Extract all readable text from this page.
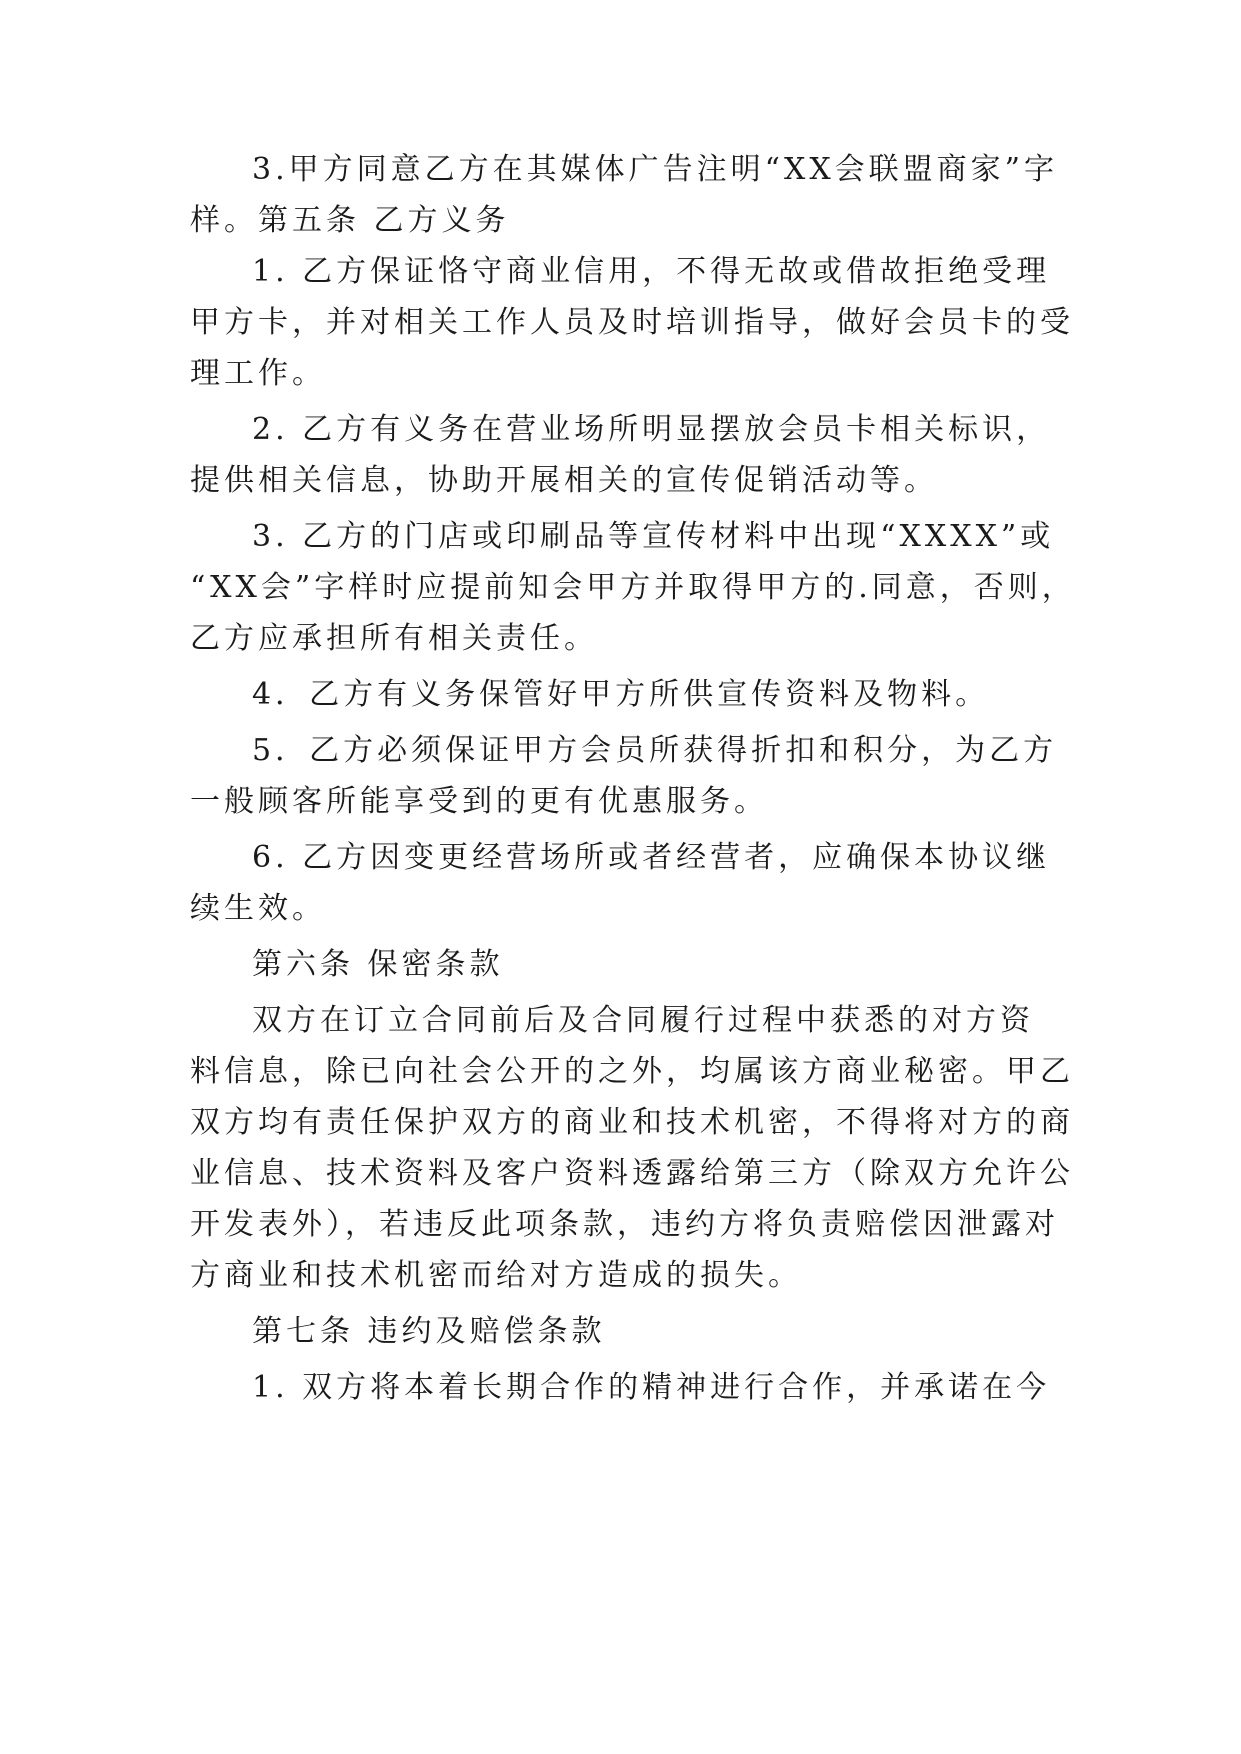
3.甲方同意乙方在其媒体广告注明“XX会联盟商家”字
样。第五条 乙方义务
1. 乙方保证恪守商业信用，不得无故或借故拒绝受理
甲方卡，并对相关工作人员及时培训指导，做好会员卡的受
理工作。
2. 乙方有义务在营业场所明显摆放会员卡相关标识，
提供相关信息，协助开展相关的宣传促销活动等。
3. 乙方的门店或印刷品等宣传材料中出现“XXXX”或
“XX会”字样时应提前知会甲方并取得甲方的.同意，否则，
乙方应承担所有相关责任。
4．乙方有义务保管好甲方所供宣传资料及物料。
5．乙方必须保证甲方会员所获得折扣和积分，为乙方
一般顾客所能享受到的更有优惠服务。
6. 乙方因变更经营场所或者经营者，应确保本协议继
续生效。
第六条 保密条款
双方在订立合同前后及合同履行过程中获悉的对方资
料信息，除已向社会公开的之外，均属该方商业秘密。甲乙
双方均有责任保护双方的商业和技术机密，不得将对方的商
业信息、技术资料及客户资料透露给第三方（除双方允许公
开发表外），若违反此项条款，违约方将负责赔偿因泄露对
方商业和技术机密而给对方造成的损失。
第七条 违约及赔偿条款
1. 双方将本着长期合作的精神进行合作，并承诺在今
